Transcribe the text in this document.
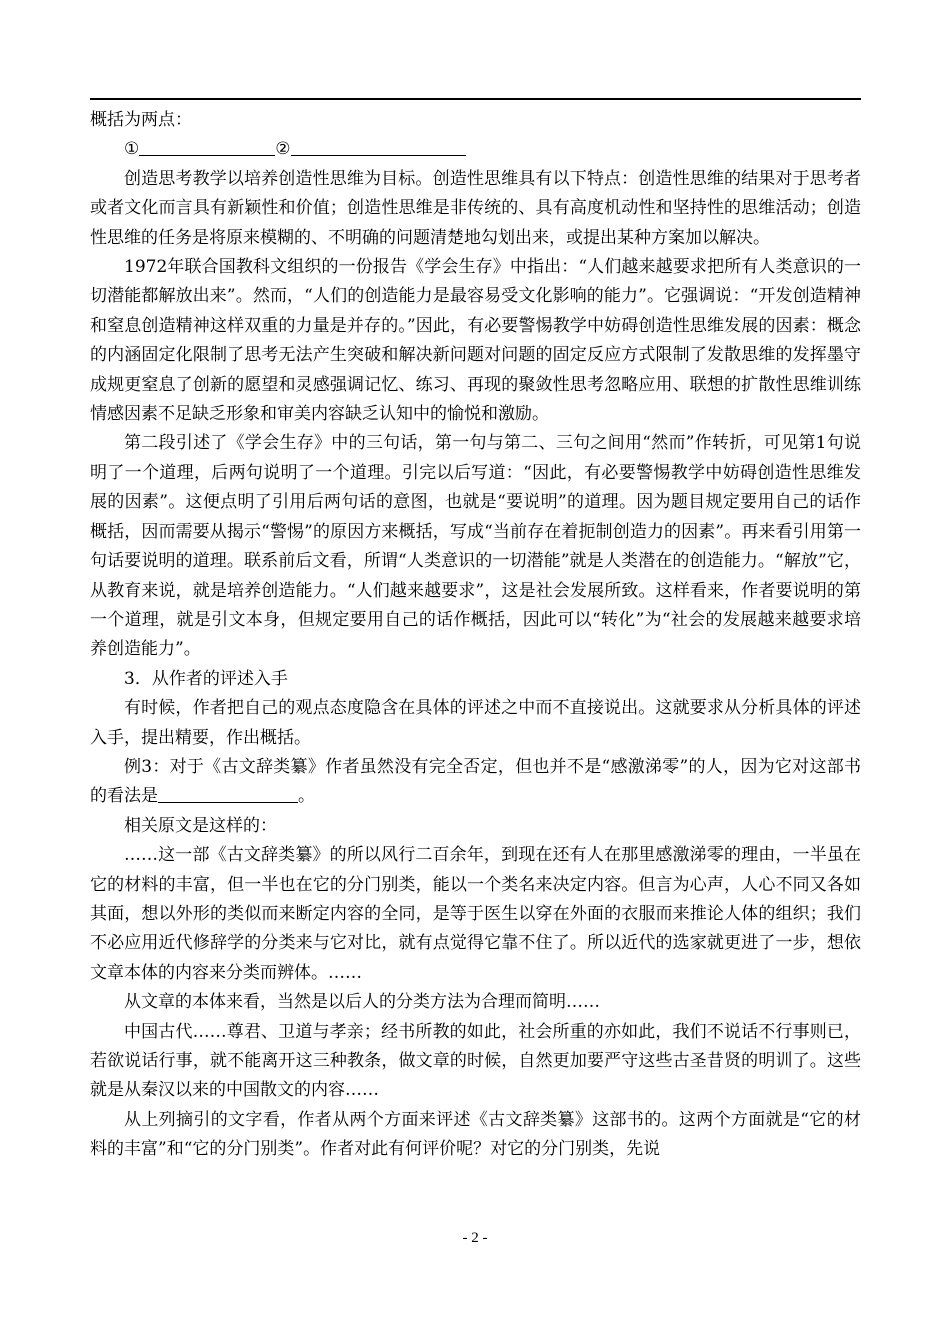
概括为两点：

①	②

创造思考教学以培养创造性思维为目标。创造性思维具有以下特点：创造性思维的结果对于思考者或者文化而言具有新颖性和价值；创造性思维是非传统的、具有高度机动性和坚持性的思维活动；创造性思维的任务是将原来模糊的、不明确的问题清楚地勾划出来，或提出某种方案加以解决。

1972年联合国教科文组织的一份报告《学会生存》中指出：“人们越来越要求把所有人类意识的一切潜能都解放出来”。然而，“人们的创造能力是最容易受文化影响的能力”。它强调说：“开发创造精神和窒息创造精神这样双重的力量是并存的。”因此，有必要警惕教学中妨碍创造性思维发展的因素：概念的内涵固定化限制了思考无法产生突破和解决新问题对问题的固定反应方式限制了发散思维的发挥墨守成规更窒息了创新的愿望和灵感强调记忆、练习、再现的聚敛性思考忽略应用、联想的扩散性思维训练情感因素不足缺乏形象和审美内容缺乏认知中的愉悦和激励。

第二段引述了《学会生存》中的三句话，第一句与第二、三句之间用“然而”作转折，可见第1句说明了一个道理，后两句说明了一个道理。引完以后写道：“因此，有必要警惕教学中妨碍创造性思维发展的因素”。这便点明了引用后两句话的意图，也就是“要说明”的道理。因为题目规定要用自己的话作概括，因而需要从揭示“警惕”的原因方来概括，写成“当前存在着扼制创造力的因素”。再来看引用第一句话要说明的道理。联系前后文看，所谓“人类意识的一切潜能”就是人类潜在的创造能力。“解放”它，从教育来说，就是培养创造能力。“人们越来越要求”，这是社会发展所致。这样看来，作者要说明的第一个道理，就是引文本身，但规定要用自己的话作概括，因此可以“转化”为“社会的发展越来越要求培养创造能力”。

3．从作者的评述入手

有时候，作者把自己的观点态度隐含在具体的评述之中而不直接说出。这就要求从分析具体的评述入手，提出精要，作出概括。

例3：对于《古文辞类纂》作者虽然没有完全否定，但也并不是“感激涕零”的人，因为它对这部书的看法是	。

相关原文是这样的：

……这一部《古文辞类纂》的所以风行二百余年，到现在还有人在那里感激涕零的理由，一半虽在它的材料的丰富，但一半也在它的分门别类，能以一个类名来决定内容。但言为心声，人心不同又各如其面，想以外形的类似而来断定内容的全同，是等于医生以穿在外面的衣服而来推论人体的组织；我们不必应用近代修辞学的分类来与它对比，就有点觉得它靠不住了。所以近代的选家就更进了一步，想依文章本体的内容来分类而辨体。……

从文章的本体来看，当然是以后人的分类方法为合理而简明……

中国古代……尊君、卫道与孝亲；经书所教的如此，社会所重的亦如此，我们不说话不行事则已，若欲说话行事，就不能离开这三种教条，做文章的时候，自然更加要严守这些古圣昔贤的明训了。这些就是从秦汉以来的中国散文的内容……

从上列摘引的文字看，作者从两个方面来评述《古文辞类纂》这部书的。这两个方面就是“它的材料的丰富”和“它的分门别类”。作者对此有何评价呢？对它的分门别类，先说

- 2 -
